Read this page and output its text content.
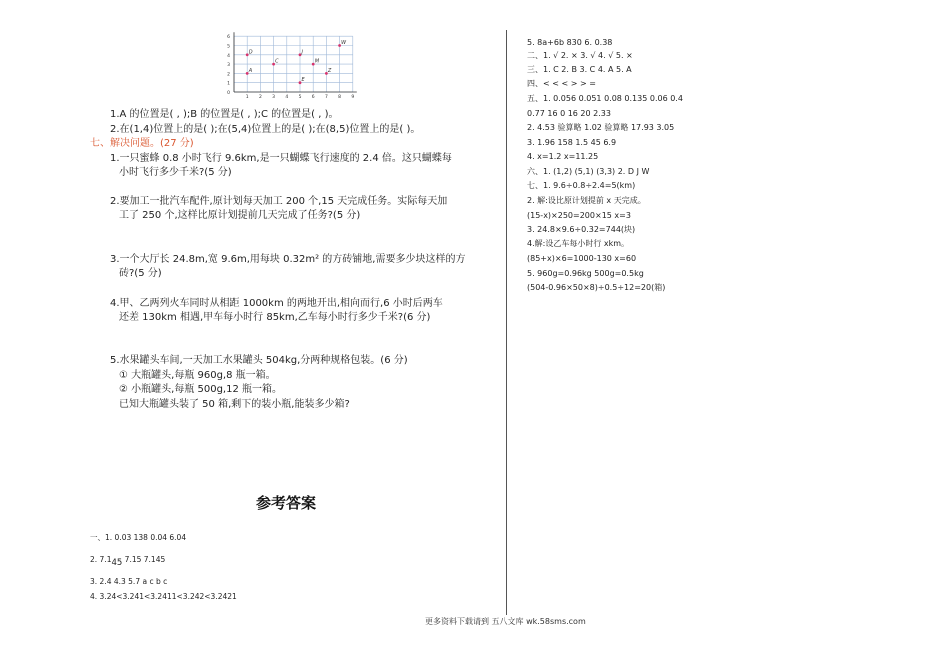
6
5
4
3
2
1
0
1 2 3 4 5 6 7 8 9
D
A
C
J
E
M
Z
W
1.A 的位置是( , );B 的位置是( , );C 的位置是( , )。
2.在(1,4)位置上的是( );在(5,4)位置上的是( );在(8,5)位置上的是( )。
七、解决问题。(27 分)
1.一只蜜蜂 0.8 小时飞行 9.6km,是一只蝴蝶飞行速度的 2.4 倍。这只蝴蝶每
小时飞行多少千米?(5 分)
2.要加工一批汽车配件,原计划每天加工 200 个,15 天完成任务。实际每天加
工了 250 个,这样比原计划提前几天完成了任务?(5 分)
3.一个大厅长 24.8m,宽 9.6m,用每块 0.32m² 的方砖铺地,需要多少块这样的方
砖?(5 分)
4.甲、乙两列火车同时从相距 1000km 的两地开出,相向而行,6 小时后两车
还差 130km 相遇,甲车每小时行 85km,乙车每小时行多少千米?(6 分)
5.水果罐头车间,一天加工水果罐头 504kg,分两种规格包装。(6 分)
① 大瓶罐头,每瓶 960g,8 瓶一箱。
② 小瓶罐头,每瓶 500g,12 瓶一箱。
已知大瓶罐头装了 50 箱,剩下的装小瓶,能装多少箱?
参考答案
一、1. 0.03 138 0.04 6.04
2. 7.145 7.15 7.145
3. 2.4 4.3 5.7 a c b c
4. 3.24<3.241<3.2411<3.242<3.2421
5. 8a+6b 830 6. 0.38
二、1. √ 2. × 3. √ 4. √ 5. ×
三、1. C 2. B 3. C 4. A 5. A
四、< < < > > =
五、1. 0.056 0.051 0.08 0.135 0.06 0.4
0.77 16 0 16 20 2.33
2. 4.53 验算略 1.02 验算略 17.93 3.05
3. 1.96 158 1.5 45 6.9
4. x=1.2 x=11.25
六、1. (1,2) (5,1) (3,3) 2. D J W
七、1. 9.6÷0.8÷2.4=5(km)
2. 解:设比原计划提前 x 天完成。
(15-x)×250=200×15 x=3
3. 24.8×9.6÷0.32=744(块)
4.解:设乙车每小时行 xkm。
(85+x)×6=1000-130 x=60
5. 960g=0.96kg 500g=0.5kg
(504-0.96×50×8)÷0.5÷12=20(箱)
更多资料下载请到 五八文库 wk.58sms.com
